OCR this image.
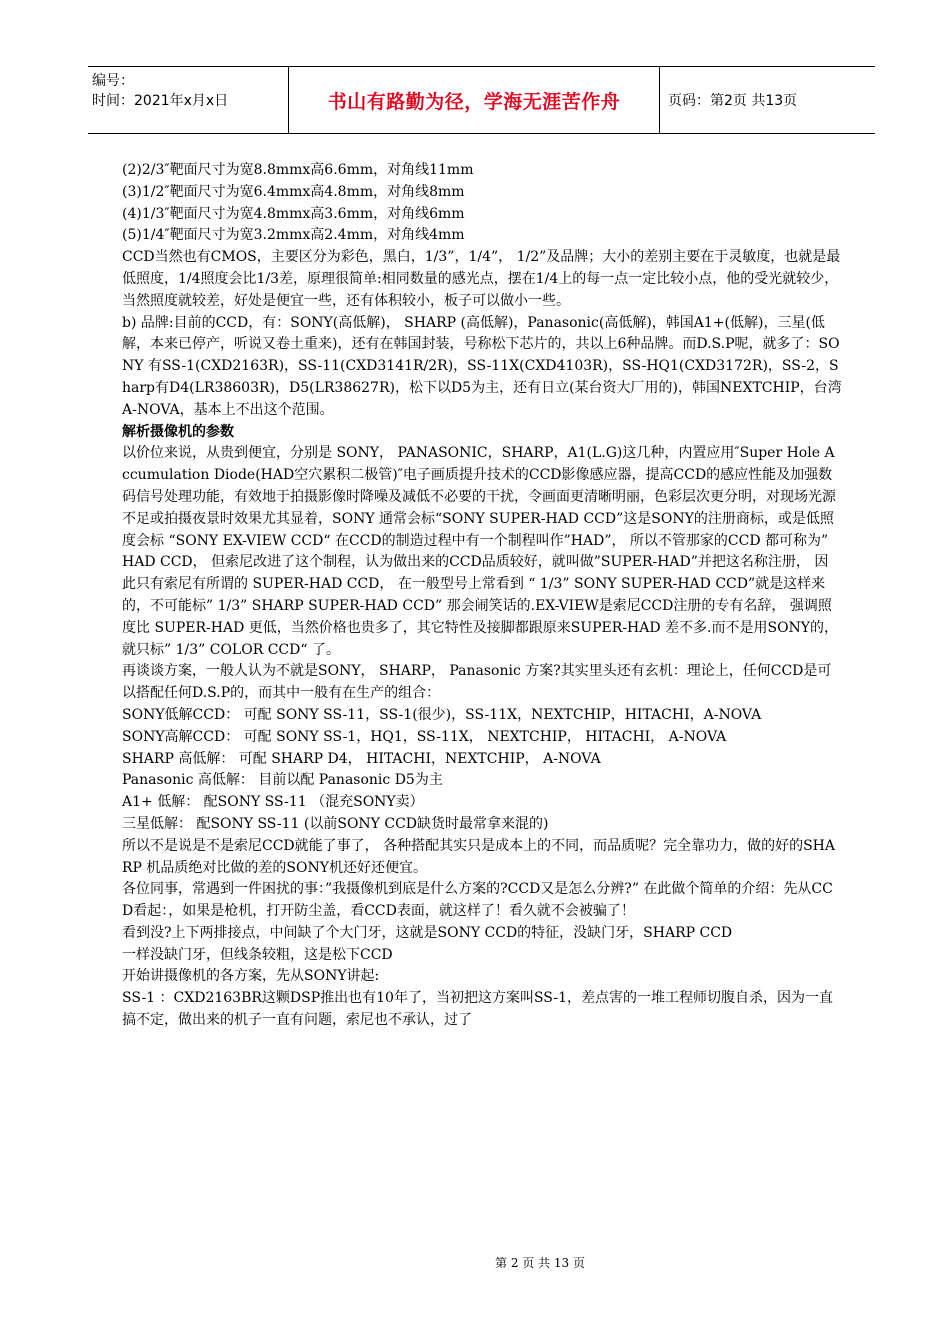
编号：
时间：2021年x月x日	书山有路勤为径，学海无涯苦作舟	页码：第2页 共13页

(2)2/3″靶面尺寸为宽8.8mmx高6.6mm，对角线11mm

(3)1/2″靶面尺寸为宽6.4mmx高4.8mm，对角线8mm

(4)1/3″靶面尺寸为宽4.8mmx高3.6mm，对角线6mm

(5)1/4″靶面尺寸为宽3.2mmx高2.4mm，对角线4mm

CCD当然也有CMOS，主要区分为彩色，黑白，1/3”，1/4”， 1/2”及品牌；大小的差别主要在于灵敏度，也就是最低照度，1/4照度会比1/3差，原理很简单:相同数量的感光点，摆在1/4上的每一点一定比较小点，他的受光就较少，当然照度就较差，好处是便宜一些，还有体积较小，板子可以做小一些。

b) 品牌:目前的CCD，有：SONY(高低解)， SHARP (高低解)，Panasonic(高低解)，韩国A1+(低解)，三星(低解，本来已停产，听说又卷土重来)，还有在韩国封装，号称松下芯片的，共以上6种品牌。而D.S.P呢，就多了：SONY 有SS-1(CXD2163R)，SS-11(CXD3141R/2R)，SS-11X(CXD4103R)，SS-HQ1(CXD3172R)，SS-2，Sharp有D4(LR38603R)，D5(LR38627R)，松下以D5为主，还有日立(某台资大厂用的)，韩国NEXTCHIP，台湾A-NOVA，基本上不出这个范围。

解析摄像机的参数

以价位来说，从贵到便宜，分别是 SONY， PANASONIC，SHARP，A1(L.G)这几种，内置应用″Super Hole Accumulation Diode(HAD空穴累积二极管)″电子画质提升技术的CCD影像感应器，提高CCD的感应性能及加强数码信号处理功能，有效地于拍摄影像时降噪及减低不必要的干扰，令画面更清晰明丽，色彩层次更分明，对现场光源不足或拍摄夜景时效果尤其显着，SONY 通常会标“SONY SUPER-HAD CCD”这是SONY的注册商标，或是低照度会标 “SONY EX-VIEW CCD“ 在CCD的制造过程中有一个制程叫作”HAD”， 所以不管那家的CCD 都可称为” HAD CCD， 但索尼改进了这个制程，认为做出来的CCD品质较好，就叫做”SUPER-HAD”并把这名称注册， 因此只有索尼有所谓的 SUPER-HAD CCD， 在一般型号上常看到 “ 1/3” SONY SUPER-HAD CCD”就是这样来的，不可能标” 1/3” SHARP SUPER-HAD CCD” 那会闹笑话的.EX-VIEW是索尼CCD注册的专有名辞， 强调照度比 SUPER-HAD 更低，当然价格也贵多了，其它特性及接脚都跟原来SUPER-HAD 差不多.而不是用SONY的，就只标” 1/3” COLOR CCD“ 了。

再谈谈方案，一般人认为不就是SONY， SHARP， Panasonic 方案?其实里头还有玄机：理论上，任何CCD是可以搭配任何D.S.P的，而其中一般有在生产的组合：

SONY低解CCD： 可配 SONY SS-11，SS-1(很少)，SS-11X，NEXTCHIP，HITACHI，A-NOVA

SONY高解CCD： 可配 SONY SS-1，HQ1，SS-11X， NEXTCHIP， HITACHI， A-NOVA

SHARP 高低解： 可配 SHARP D4， HITACHI，NEXTCHIP， A-NOVA

Panasonic 高低解： 目前以配 Panasonic D5为主

A1+ 低解： 配SONY SS-11 （混充SONY卖）

三星低解： 配SONY SS-11 (以前SONY CCD缺货时最常拿来混的)

所以不是说是不是索尼CCD就能了事了， 各种搭配其实只是成本上的不同，而品质呢？完全靠功力，做的好的SHARP 机品质绝对比做的差的SONY机还好还便宜。

各位同事，常遇到一件困扰的事：”我摄像机到底是什么方案的?CCD又是怎么分辨?” 在此做个简单的介绍：先从CCD看起：，如果是枪机，打开防尘盖，看CCD表面，就这样了！看久就不会被骗了！

看到没?上下两排接点，中间缺了个大门牙，这就是SONY CCD的特征，没缺门牙，SHARP CCD

一样没缺门牙，但线条较粗，这是松下CCD

开始讲摄像机的各方案，先从SONY讲起:

SS-1 ：CXD2163BR这颗DSP推出也有10年了，当初把这方案叫SS-1，差点害的一堆工程师切腹自杀，因为一直搞不定，做出来的机子一直有问题，索尼也不承认，过了

第 2 页 共 13 页
